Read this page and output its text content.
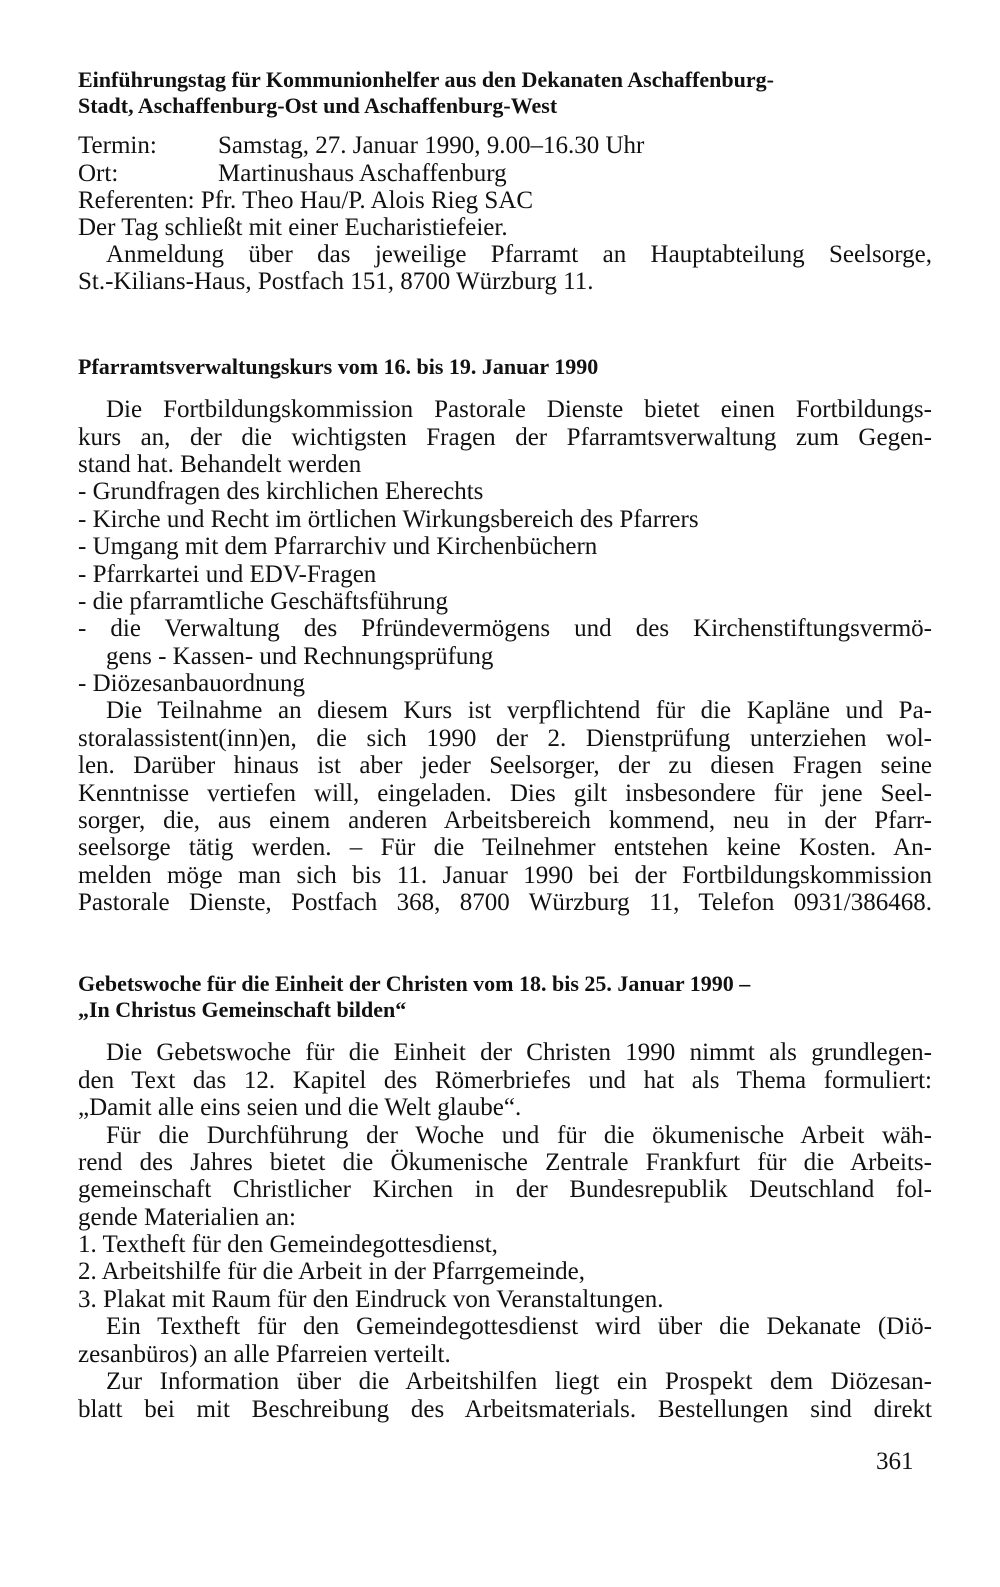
Einführungstag für Kommunionhelfer aus den Dekanaten Aschaffenburg-
Stadt, Aschaffenburg-Ost und Aschaffenburg-West
Termin: Samstag, 27. Januar 1990, 9.00–16.30 Uhr
Ort:	Martinushaus Aschaffenburg
Referenten: Pfr. Theo Hau/P. Alois Rieg SAC
Der Tag schließt mit einer Eucharistiefeier.
Anmeldung über das jeweilige Pfarramt an Hauptabteilung Seelsorge,
St.-Kilians-Haus, Postfach 151, 8700 Würzburg 11.
Pfarramtsverwaltungskurs vom 16. bis 19. Januar 1990
Die Fortbildungskommission Pastorale Dienste bietet einen Fortbildungs-
kurs an, der die wichtigsten Fragen der Pfarramtsverwaltung zum Gegen-
stand hat. Behandelt werden
- Grundfragen des kirchlichen Eherechts
- Kirche und Recht im örtlichen Wirkungsbereich des Pfarrers
- Umgang mit dem Pfarrarchiv und Kirchenbüchern
- Pfarrkartei und EDV-Fragen
- die pfarramtliche Geschäftsführung
- die Verwaltung des Pfründevermögens und des Kirchenstiftungsvermö-
gens - Kassen- und Rechnungsprüfung
- Diözesanbauordnung
Die Teilnahme an diesem Kurs ist verpflichtend für die Kapläne und Pa-
storalassistent(inn)en, die sich 1990 der 2. Dienstprüfung unterziehen wol-
len. Darüber hinaus ist aber jeder Seelsorger, der zu diesen Fragen seine
Kenntnisse vertiefen will, eingeladen. Dies gilt insbesondere für jene Seel-
sorger, die, aus einem anderen Arbeitsbereich kommend, neu in der Pfarr-
seelsorge tätig werden. – Für die Teilnehmer entstehen keine Kosten. An-
melden möge man sich bis 11. Januar 1990 bei der Fortbildungskommission
Pastorale Dienste, Postfach 368, 8700 Würzburg 11, Telefon 0931/386468.
Gebetswoche für die Einheit der Christen vom 18. bis 25. Januar 1990 –
„In Christus Gemeinschaft bilden“
Die Gebetswoche für die Einheit der Christen 1990 nimmt als grundlegen-
den Text das 12. Kapitel des Römerbriefes und hat als Thema formuliert:
„Damit alle eins seien und die Welt glaube“.
Für die Durchführung der Woche und für die ökumenische Arbeit wäh-
rend des Jahres bietet die Ökumenische Zentrale Frankfurt für die Arbeits-
gemeinschaft Christlicher Kirchen in der Bundesrepublik Deutschland fol-
gende Materialien an:
1. Textheft für den Gemeindegottesdienst,
2. Arbeitshilfe für die Arbeit in der Pfarrgemeinde,
3. Plakat mit Raum für den Eindruck von Veranstaltungen.
Ein Textheft für den Gemeindegottesdienst wird über die Dekanate (Diö-
zesanbüros) an alle Pfarreien verteilt.
Zur Information über die Arbeitshilfen liegt ein Prospekt dem Diözesan-
blatt bei mit Beschreibung des Arbeitsmaterials. Bestellungen sind direkt
361
